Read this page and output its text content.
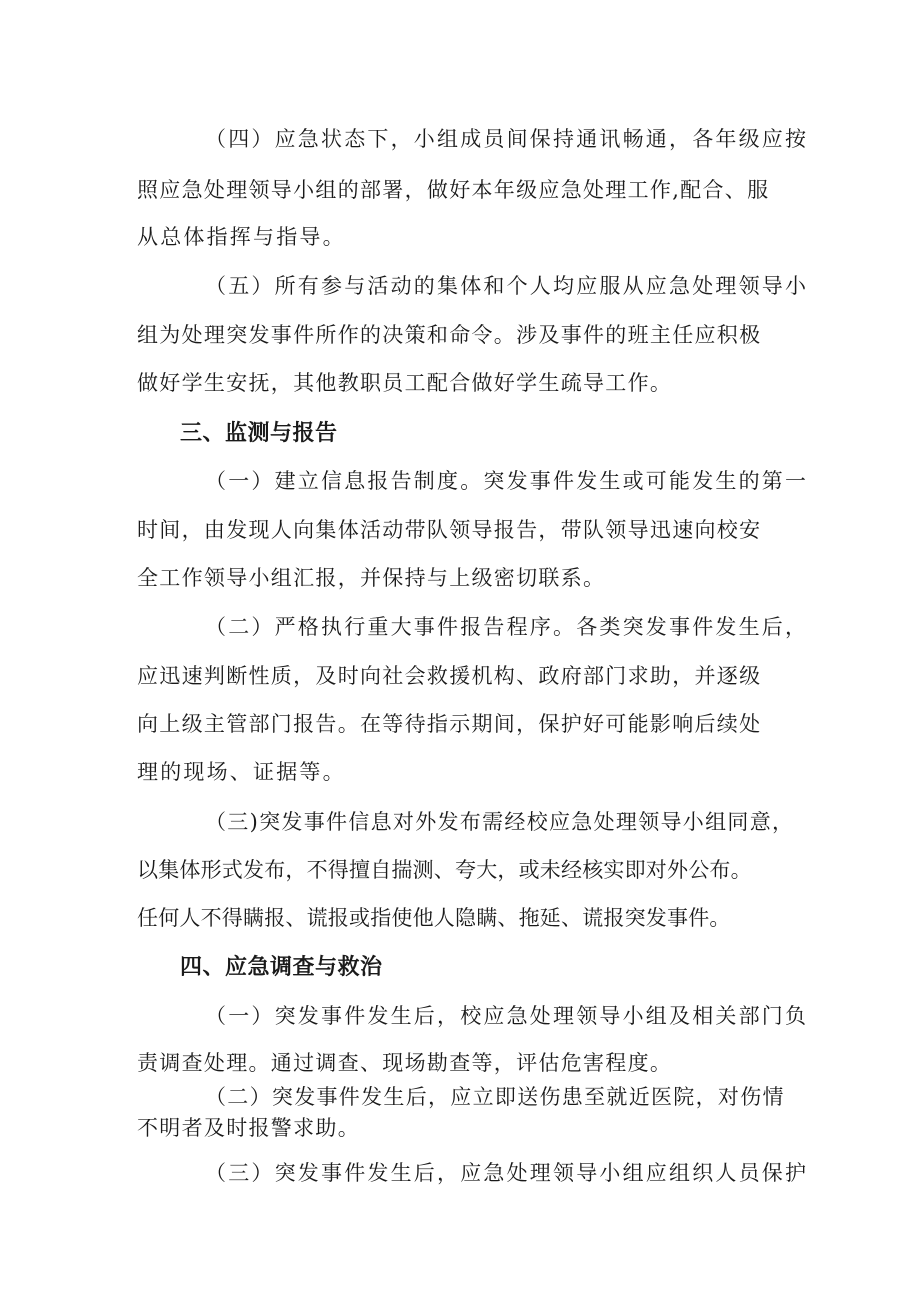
（四）应急状态下，小组成员间保持通讯畅通，各年级应按
照应急处理领导小组的部署，做好本年级应急处理工作,配合、服
从总体指挥与指导。
（五）所有参与活动的集体和个人均应服从应急处理领导小
组为处理突发事件所作的决策和命令。涉及事件的班主任应积极
做好学生安抚，其他教职员工配合做好学生疏导工作。
三、监测与报告
（一）建立信息报告制度。突发事件发生或可能发生的第一
时间，由发现人向集体活动带队领导报告，带队领导迅速向校安
全工作领导小组汇报，并保持与上级密切联系。
（二）严格执行重大事件报告程序。各类突发事件发生后，
应迅速判断性质，及时向社会救援机构、政府部门求助，并逐级
向上级主管部门报告。在等待指示期间，保护好可能影响后续处
理的现场、证据等。
（三)突发事件信息对外发布需经校应急处理领导小组同意，
以集体形式发布，不得擅自揣测、夸大，或未经核实即对外公布。
任何人不得瞒报、谎报或指使他人隐瞒、拖延、谎报突发事件。
四、应急调查与救治
（一）突发事件发生后，校应急处理领导小组及相关部门负
责调查处理。通过调查、现场勘查等，评估危害程度。
（二）突发事件发生后，应立即送伤患至就近医院，对伤情
不明者及时报警求助。
（三）突发事件发生后，应急处理领导小组应组织人员保护
